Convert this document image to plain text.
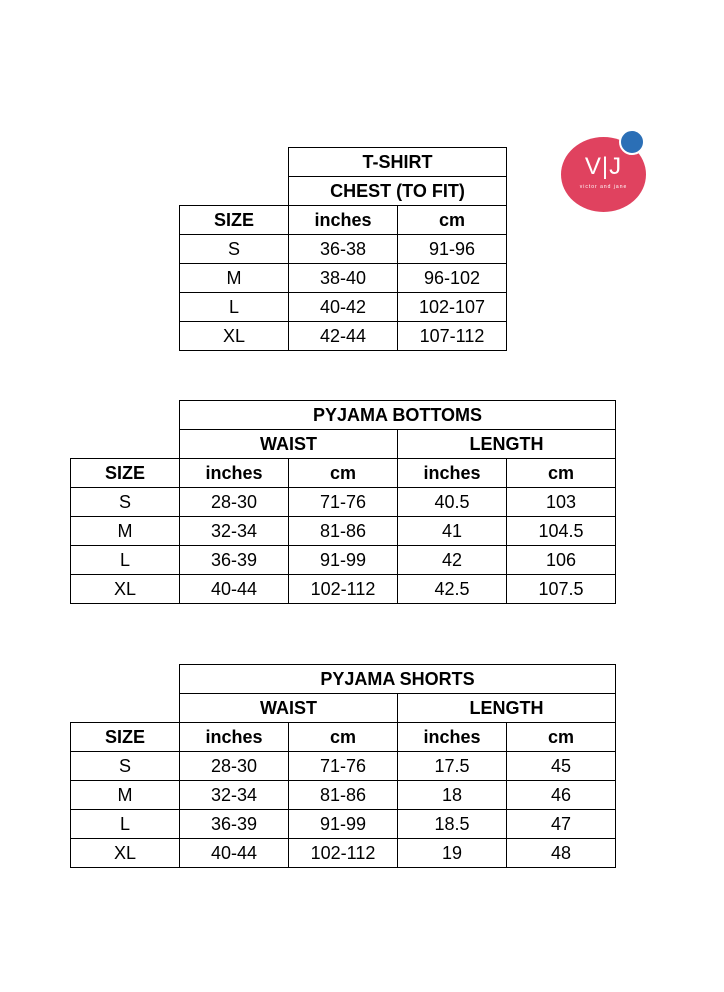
V|J
victor and jane
	T-SHIRT	
	CHEST (TO FIT)	
SIZE	inches	cm
S	36-38	91-96
M	38-40	96-102
L	40-42	102-107
XL	42-44	107-112
	PYJAMA BOTTOMS			
	WAIST		LENGTH	
SIZE	inches	cm	inches	cm
S	28-30	71-76	40.5	103
M	32-34	81-86	41	104.5
L	36-39	91-99	42	106
XL	40-44	102-112	42.5	107.5
	PYJAMA SHORTS			
	WAIST		LENGTH	
SIZE	inches	cm	inches	cm
S	28-30	71-76	17.5	45
M	32-34	81-86	18	46
L	36-39	91-99	18.5	47
XL	40-44	102-112	19	48
